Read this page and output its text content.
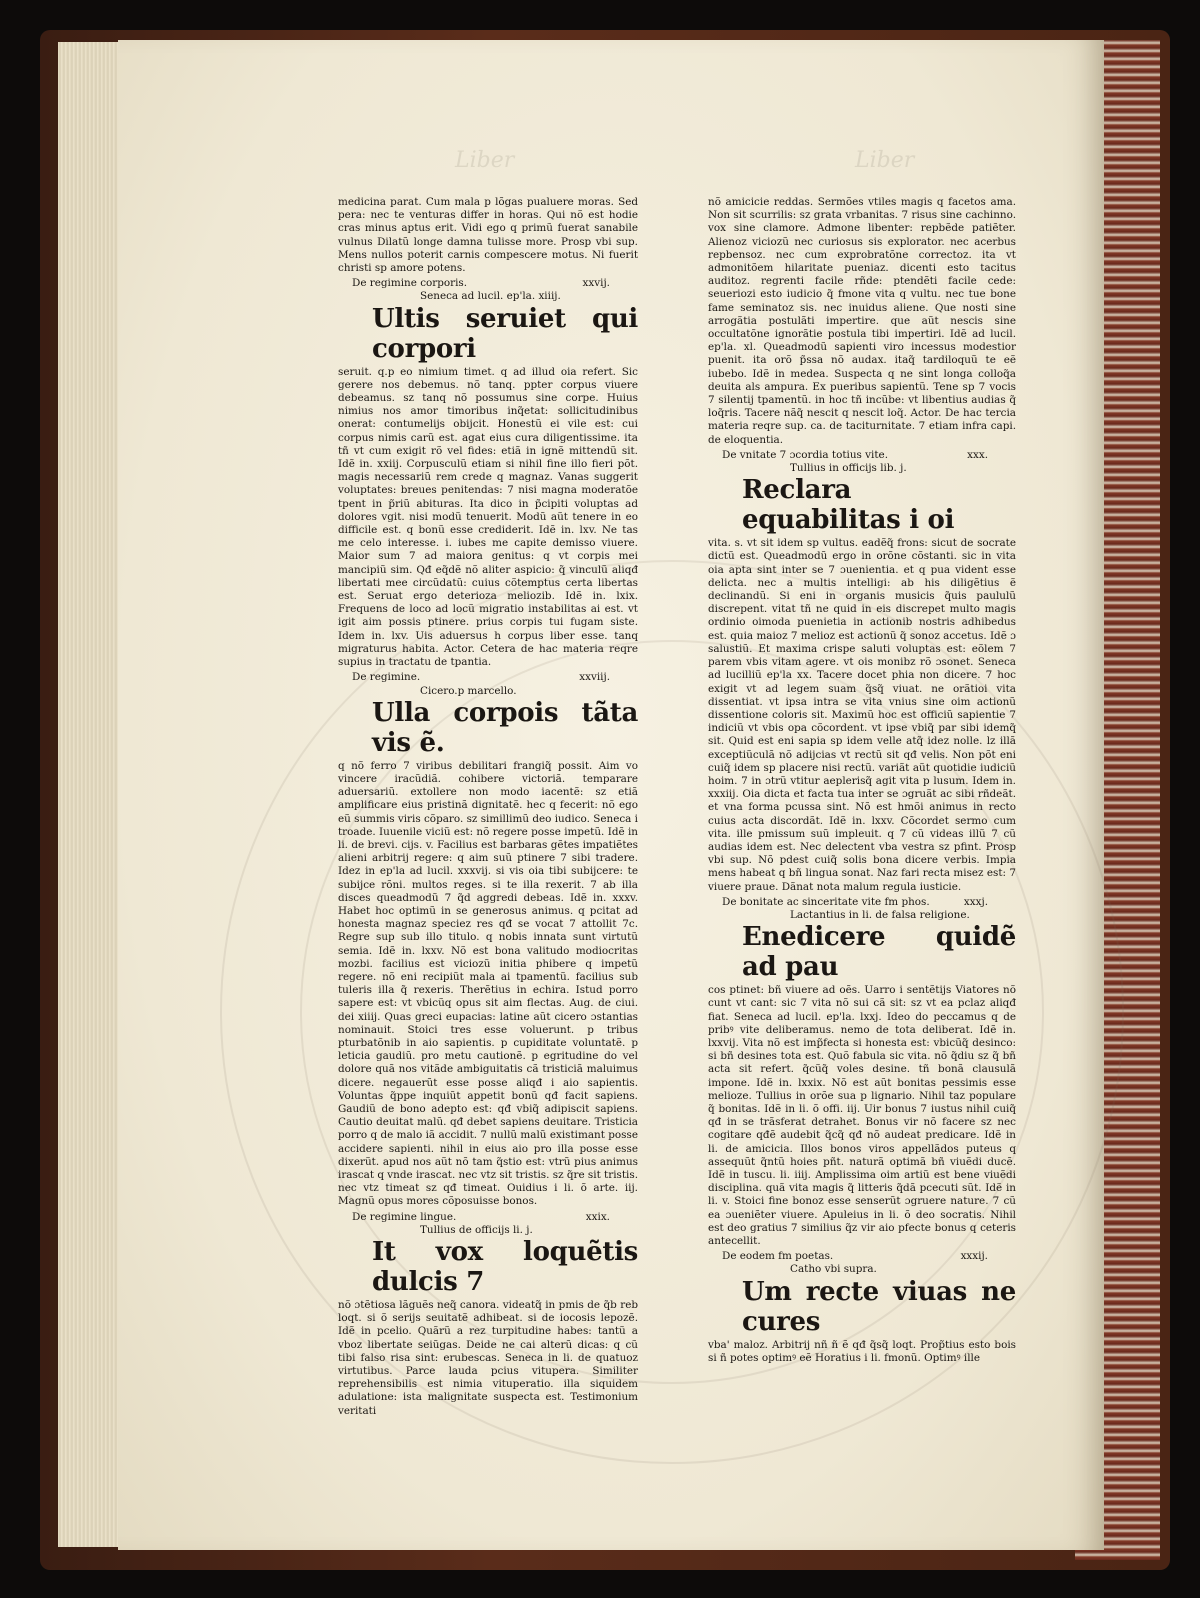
Liber	Liber

medicina parat. Cum mala p lõgas pualuere moras. Sed pera: nec te venturas differ in horas. Qui nõ est hodie cras minus aptus erit. Vidi ego q primũ fuerat sanabile vulnus Dilatũ longe damna tulisse more. Prosp vbi sup. Mens nullos poterit carnis compescere motus. Ni fuerit christi sp amore potens.

De regimine corporis.	xxvij.

Seneca ad lucil. ep'la. xiiij.

Ultis seruiet qui corpori

seruit. q.p eo nimium timet. q ad illud oia refert. Sic gerere nos debemus. nõ tanq. ppter corpus viuere debeamus. sz tanq nõ possumus sine corpe. Huius nimius nos amor timoribus inq̃etat: sollicitudinibus onerat: contumelijs obijcit. Honestũ ei vile est: cui corpus nimis carũ est. agat eius cura diligentissime. ita tñ vt cum exigit rõ vel fides: etiã in ignẽ mittendũ sit. Idẽ in. xxiij. Corpusculũ etiam si nihil fine illo fieri põt. magis necessariũ rem crede q magnaz. Vanas suggerit voluptates: breues penitendas: 7 nisi magna moderatõe tpent in p̃riũ abituras. Ita dico in p̃cipiti voluptas ad dolores vgit. nisi modũ tenuerit. Modũ aũt tenere in eo difficile est. q bonũ esse crediderit. Idẽ in. lxv. Ne tas me celo interesse. i. iubes me capite demisso viuere. Maior sum 7 ad maiora genitus: q vt corpis mei mancipiũ sim. Qđ eq̃dẽ nõ aliter aspicio: q̃ vinculũ aliqđ libertati mee circũdatũ: cuius cõtemptus certa libertas est. Seruat ergo deterioza meliozib. Idẽ in. lxix. Frequens de loco ad locũ migratio instabilitas ai est. vt igit aim possis ptinere. prius corpis tui fugam siste. Idem in. lxv. Uis aduersus h corpus liber esse. tanq migraturus habita. Actor. Cetera de hac materia reqre supius in tractatu de tpantia.

De regimine.	xxviij.

Cicero.p marcello.

Ulla corpois tãta vis ẽ.

q nõ ferro 7 viribus debilitari frangiq̃ possit. Aim vo vincere iracũdiã. cohibere victoriã. temparare aduersariũ. extollere non modo iacentẽ: sz etiã amplificare eius pristinã dignitatẽ. hec q fecerit: nõ ego eũ summis viris cõparo. sz simillimũ deo iudico. Seneca i troade. Iuuenile viciũ est: nõ regere posse impetũ. Idẽ in li. de brevi. cijs. v. Facilius est barbaras gẽtes impatiẽtes alieni arbitrij regere: q aim suũ ptinere 7 sibi tradere. Idez in ep'la ad lucil. xxxvij. si vis oia tibi subijcere: te subijce rõni. multos reges. si te illa rexerit. 7 ab illa disces queadmodũ 7 q̃d aggredi debeas. Idẽ in. xxxv. Habet hoc optimũ in se generosus animus. q pcitat ad honesta magnaz speciez res qđ se vocat 7 attollit 7c. Regre sup sub illo titulo. q nobis innata sunt virtutũ semia. Idẽ in. lxxv. Nõ est bona valitudo modiocritas mozbi. facilius est viciozũ initia phibere q impetũ regere. nõ eni recipiũt mala ai tpamentũ. facilius sub tuleris illa q̃ rexeris. Therẽtius in echira. Istud porro sapere est: vt vbicũq opus sit aim flectas. Aug. de ciui. dei xiiij. Quas greci eupacias: latine aũt cicero ɔstantias nominauit. Stoici tres esse voluerunt. p tribus pturbatõnib in aio sapientis. p cupiditate voluntatẽ. p leticia gaudiũ. pro metu cautionẽ. p egritudine do vel dolore quã nos vitãde ambiguitatis cã tristiciã maluimus dicere. negauerũt esse posse aliqđ i aio sapientis. Voluntas q̃ppe inquiũt appetit bonũ qđ facit sapiens. Gaudiũ de bono adepto est: qđ vbiq̃ adipiscit sapiens. Cautio deuitat malũ. qđ debet sapiens deuitare. Tristicia porro q de malo iã accidit. 7 nullũ malũ existimant posse accidere sapienti. nihil in eius aio pro illa posse esse dixerũt. apud nos aũt nõ tam q̃stio est: vtrũ pius animus irascat q vnde irascat. nec vtz sit tristis. sz q̃re sit tristis. nec vtz timeat sz qđ timeat. Ouidius i li. õ arte. iij. Magnũ opus mores cõposuisse bonos.

De regimine lingue.	xxix.

Tullius de officijs li. j.

It vox loquẽtis dulcis 7

nõ ɔtẽtiosa lãguẽs neq̃ canora. videatq̃ in pmis de q̃b reb loqt. si õ serijs seuitatẽ adhibeat. si de iocosis lepozẽ. Idẽ in pcelio. Quãrũ a rez turpitudine habes: tantũ a vboz libertate seiũgas. Deide ne cai alterũ dicas: q cũ tibi falso risa sint: erubescas. Seneca in li. de quatuoz virtutibus. Parce lauda pcius vitupera. Similiter reprehensibilis est nimia vituperatio. illa siquidem adulatione: ista malignitate suspecta est. Testimonium veritati

nõ amicicie reddas. Sermões vtiles magis q facetos ama. Non sit scurrilis: sz grata vrbanitas. 7 risus sine cachinno. vox sine clamore. Admone libenter: repbẽde patiẽter. Alienoz viciozũ nec curiosus sis explorator. nec acerbus repbensoz. nec cum exprobratõne correctoz. ita vt admonitõem hilaritate pueniaz. dicenti esto tacitus auditoz. regrenti facile rñde: ptendẽti facile cede: seueriozi esto iudicio q̃ fmone vita q vultu. nec tue bone fame seminatoz sis. nec inuidus aliene. Que nosti sine arrogãtia postulãti impertire. que aũt nescis sine occultatõne ignorãtie postula tibi impertiri. Idẽ ad lucil. ep'la. xl. Queadmodũ sapienti viro incessus modestior puenit. ita orõ p̃ssa nõ audax. itaq̃ tardiloquũ te eẽ iubebo. Idẽ in medea. Suspecta q ne sint longa colloq̃a deuita als ampura. Ex pueribus sapientũ. Tene sp 7 vocis 7 silentij tpamentũ. in hoc tñ incũbe: vt libentius audias q̃ loq̃ris. Tacere nãq̃ nescit q nescit loq̃. Actor. De hac tercia materia reqre sup. ca. de taciturnitate. 7 etiam infra capi. de eloquentia.

De vnitate 7 ɔcordia totius vite.	xxx.

Tullius in officijs lib. j.

Reclara equabilitas i oi

vita. s. vt sit idem sp vultus. eadẽq̃ frons: sicut de socrate dictũ est. Queadmodũ ergo in orõne cõstanti. sic in vita oia apta sint inter se 7 ɔuenientia. et q pua vident esse delicta. nec a multis intelligi: ab his diligẽtius ẽ declinandũ. Si eni in organis musicis q̃uis paululũ discrepent. vitat tñ ne quid in eis discrepet multo magis ordinio oimoda puenietia in actionib nostris adhibedus est. quia maioz 7 melioz est actionũ q̃ sonoz accetus. Idẽ ɔ salustiũ. Et maxima crispe saluti voluptas est: eõlem 7 parem vbis vitam agere. vt ois monibz rõ ɔsonet. Seneca ad lucilliũ ep'la xx. Tacere docet phia non dicere. 7 hoc exigit vt ad legem suam q̃sq̃ viuat. ne orãtioi vita dissentiat. vt ipsa intra se vita vnius sine oim actionũ dissentione coloris sit. Maximũ hoc est officiũ sapientie 7 indiciũ vt vbis opa cõcordent. vt ipse vbiq̃ par sibi idemq̃ sit. Quid est eni sapia sp idem velle atq̃ idez nolle. lz illã exceptiũculã nõ adijcias vt rectũ sit qđ velis. Non põt eni cuiq̃ idem sp placere nisi rectũ. variãt aũt quotidie iudiciũ hoim. 7 in ɔtrũ vtitur aeplerisq̃ agit vita p lusum. Idem in. xxxiij. Oia dicta et facta tua inter se ɔgruãt ac sibi rñdeãt. et vna forma pcussa sint. Nõ est hmõi animus in recto cuius acta discordãt. Idẽ in. lxxv. Cõcordet sermo cum vita. ille pmissum suũ impleuit. q 7 cũ videas illũ 7 cũ audias idem est. Nec delectent vba vestra sz pfint. Prosp vbi sup. Nõ pdest cuiq̃ solis bona dicere verbis. Impia mens habeat q bñ lingua sonat. Naz fari recta misez est: 7 viuere praue. Dãnat nota malum regula iusticie.

De bonitate ac sinceritate vite fm phos.	xxxj.

Lactantius in li. de falsa religione.

Enedicere quidẽ ad pau

cos ptinet: bñ viuere ad oẽs. Uarro i sentẽtijs Viatores nõ cunt vt cant: sic 7 vita nõ sui cã sit: sz vt ea pclaz aliqđ fiat. Seneca ad lucil. ep'la. lxxj. Ideo do peccamus q de pribꝰ vite deliberamus. nemo de tota deliberat. Idẽ in. lxxvij. Vita nõ est imp̃fecta si honesta est: vbicũq̃ desinco: si bñ desines tota est. Quõ fabula sic vita. nõ q̃diu sz q̃ bñ acta sit refert. q̃cũq̃ voles desine. tñ bonã clausulã impone. Idẽ in. lxxix. Nõ est aũt bonitas pessimis esse melioze. Tullius in orõe sua p lignario. Nihil taz populare q̃ bonitas. Idẽ in li. õ offi. iij. Uir bonus 7 iustus nihil cuiq̃ qđ in se trãsferat detrahet. Bonus vir nõ facere sz nec cogitare qđẽ audebit q̃cq̃ qđ nõ audeat predicare. Idẽ in li. de amicicia. Illos bonos viros appellãdos puteus q assequũt q̃ntũ hoies pñt. naturã optimã bñ viuẽdi ducẽ. Idẽ in tuscu. li. iiij. Amplissima oim artiũ est bene viuẽdi disciplina. quã vita magis q̃ litteris q̃dã pcecuti sũt. Idẽ in li. v. Stoici fine bonoz esse senserũt ɔgruere nature. 7 cũ ea ɔueniẽter viuere. Apuleius in li. õ deo socratis. Nihil est deo gratius 7 similius q̃z vir aio pfecte bonus q ceteris antecellit.

De eodem fm poetas.	xxxij.

Catho vbi supra.

Um recte viuas ne cures

vba' maloz. Arbitrij nñ ñ ẽ qđ q̃sq̃ loqt. Prop̃tius esto bois si ñ potes optimꝰ eẽ Horatius i li. fmonũ. Optimꝰ ille
